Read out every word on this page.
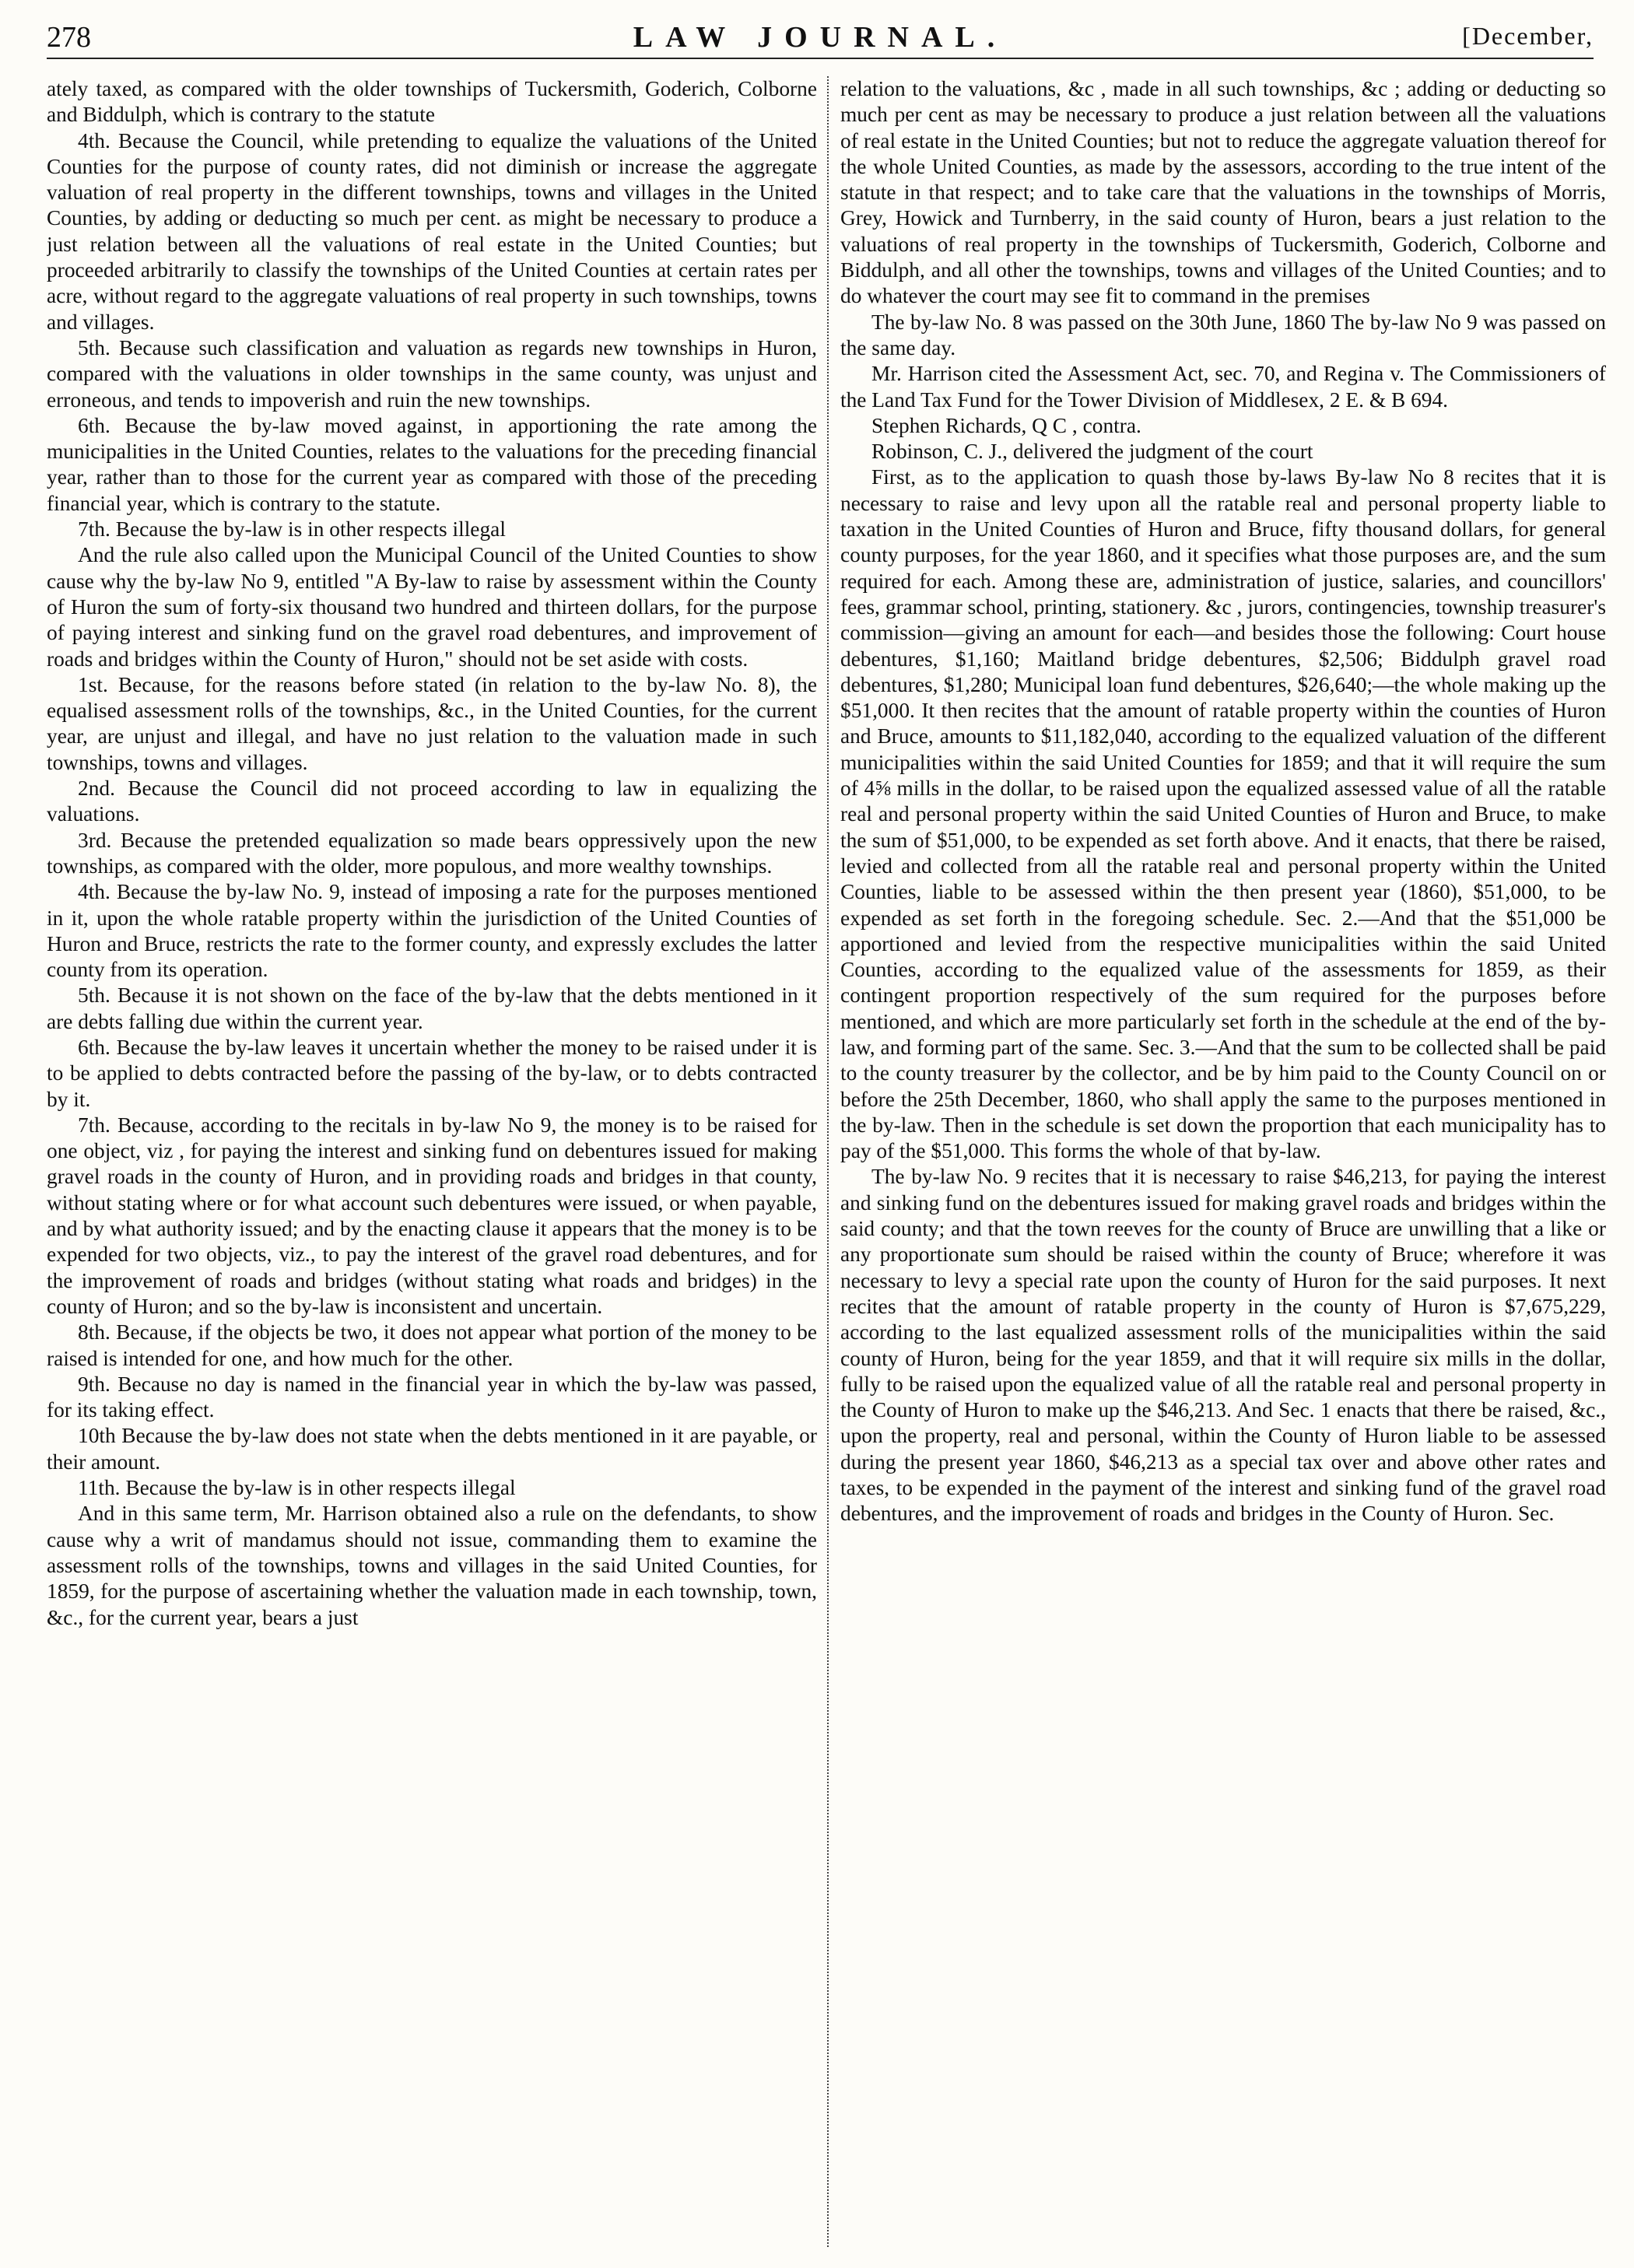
278	LAW JOURNAL.	[December,

ately taxed, as compared with the older townships of Tuckersmith, Goderich, Colborne and Biddulph, which is contrary to the statute

4th. Because the Council, while pretending to equalize the valuations of the United Counties for the purpose of county rates, did not diminish or increase the aggregate valuation of real property in the different townships, towns and villages in the United Counties, by adding or deducting so much per cent. as might be necessary to produce a just relation between all the valuations of real estate in the United Counties; but proceeded arbitrarily to classify the townships of the United Counties at certain rates per acre, without regard to the aggregate valuations of real property in such townships, towns and villages.

5th. Because such classification and valuation as regards new townships in Huron, compared with the valuations in older townships in the same county, was unjust and erroneous, and tends to impoverish and ruin the new townships.

6th. Because the by-law moved against, in apportioning the rate among the municipalities in the United Counties, relates to the valuations for the preceding financial year, rather than to those for the current year as compared with those of the preceding financial year, which is contrary to the statute.

7th. Because the by-law is in other respects illegal

And the rule also called upon the Municipal Council of the United Counties to show cause why the by-law No 9, entitled "A By-law to raise by assessment within the County of Huron the sum of forty-six thousand two hundred and thirteen dollars, for the purpose of paying interest and sinking fund on the gravel road debentures, and improvement of roads and bridges within the County of Huron," should not be set aside with costs.

1st. Because, for the reasons before stated (in relation to the by-law No. 8), the equalised assessment rolls of the townships, &c., in the United Counties, for the current year, are unjust and illegal, and have no just relation to the valuation made in such townships, towns and villages.

2nd. Because the Council did not proceed according to law in equalizing the valuations.

3rd. Because the pretended equalization so made bears oppressively upon the new townships, as compared with the older, more populous, and more wealthy townships.

4th. Because the by-law No. 9, instead of imposing a rate for the purposes mentioned in it, upon the whole ratable property within the jurisdiction of the United Counties of Huron and Bruce, restricts the rate to the former county, and expressly excludes the latter county from its operation.

5th. Because it is not shown on the face of the by-law that the debts mentioned in it are debts falling due within the current year.

6th. Because the by-law leaves it uncertain whether the money to be raised under it is to be applied to debts contracted before the passing of the by-law, or to debts contracted by it.

7th. Because, according to the recitals in by-law No 9, the money is to be raised for one object, viz , for paying the interest and sinking fund on debentures issued for making gravel roads in the county of Huron, and in providing roads and bridges in that county, without stating where or for what account such debentures were issued, or when payable, and by what authority issued; and by the enacting clause it appears that the money is to be expended for two objects, viz., to pay the interest of the gravel road debentures, and for the improvement of roads and bridges (without stating what roads and bridges) in the county of Huron; and so the by-law is inconsistent and uncertain.

8th. Because, if the objects be two, it does not appear what portion of the money to be raised is intended for one, and how much for the other.

9th. Because no day is named in the financial year in which the by-law was passed, for its taking effect.

10th Because the by-law does not state when the debts mentioned in it are payable, or their amount.

11th. Because the by-law is in other respects illegal

And in this same term, Mr. Harrison obtained also a rule on the defendants, to show cause why a writ of mandamus should not issue, commanding them to examine the assessment rolls of the townships, towns and villages in the said United Counties, for 1859, for the purpose of ascertaining whether the valuation made in each township, town, &c., for the current year, bears a just

relation to the valuations, &c , made in all such townships, &c ; adding or deducting so much per cent as may be necessary to produce a just relation between all the valuations of real estate in the United Counties; but not to reduce the aggregate valuation thereof for the whole United Counties, as made by the assessors, according to the true intent of the statute in that respect; and to take care that the valuations in the townships of Morris, Grey, Howick and Turnberry, in the said county of Huron, bears a just relation to the valuations of real property in the townships of Tuckersmith, Goderich, Colborne and Biddulph, and all other the townships, towns and villages of the United Counties; and to do whatever the court may see fit to command in the premises

The by-law No. 8 was passed on the 30th June, 1860 The by-law No 9 was passed on the same day.

Mr. Harrison cited the Assessment Act, sec. 70, and Regina v. The Commissioners of the Land Tax Fund for the Tower Division of Middlesex, 2 E. & B 694.

Stephen Richards, Q C , contra.

Robinson, C. J., delivered the judgment of the court

First, as to the application to quash those by-laws By-law No 8 recites that it is necessary to raise and levy upon all the ratable real and personal property liable to taxation in the United Counties of Huron and Bruce, fifty thousand dollars, for general county purposes, for the year 1860, and it specifies what those purposes are, and the sum required for each. Among these are, administration of justice, salaries, and councillors' fees, grammar school, printing, stationery. &c , jurors, contingencies, township treasurer's commission—giving an amount for each—and besides those the following: Court house debentures, $1,160; Maitland bridge debentures, $2,506; Biddulph gravel road debentures, $1,280; Municipal loan fund debentures, $26,640;—the whole making up the $51,000. It then recites that the amount of ratable property within the counties of Huron and Bruce, amounts to $11,182,040, according to the equalized valuation of the different municipalities within the said United Counties for 1859; and that it will require the sum of 4⅝ mills in the dollar, to be raised upon the equalized assessed value of all the ratable real and personal property within the said United Counties of Huron and Bruce, to make the sum of $51,000, to be expended as set forth above. And it enacts, that there be raised, levied and collected from all the ratable real and personal property within the United Counties, liable to be assessed within the then present year (1860), $51,000, to be expended as set forth in the foregoing schedule. Sec. 2.—And that the $51,000 be apportioned and levied from the respective municipalities within the said United Counties, according to the equalized value of the assessments for 1859, as their contingent proportion respectively of the sum required for the purposes before mentioned, and which are more particularly set forth in the schedule at the end of the by-law, and forming part of the same. Sec. 3.—And that the sum to be collected shall be paid to the county treasurer by the collector, and be by him paid to the County Council on or before the 25th December, 1860, who shall apply the same to the purposes mentioned in the by-law. Then in the schedule is set down the proportion that each municipality has to pay of the $51,000. This forms the whole of that by-law.

The by-law No. 9 recites that it is necessary to raise $46,213, for paying the interest and sinking fund on the debentures issued for making gravel roads and bridges within the said county; and that the town reeves for the county of Bruce are unwilling that a like or any proportionate sum should be raised within the county of Bruce; wherefore it was necessary to levy a special rate upon the county of Huron for the said purposes. It next recites that the amount of ratable property in the county of Huron is $7,675,229, according to the last equalized assessment rolls of the municipalities within the said county of Huron, being for the year 1859, and that it will require six mills in the dollar, fully to be raised upon the equalized value of all the ratable real and personal property in the County of Huron to make up the $46,213. And Sec. 1 enacts that there be raised, &c., upon the property, real and personal, within the County of Huron liable to be assessed during the present year 1860, $46,213 as a special tax over and above other rates and taxes, to be expended in the payment of the interest and sinking fund of the gravel road debentures, and the improvement of roads and bridges in the County of Huron. Sec.
